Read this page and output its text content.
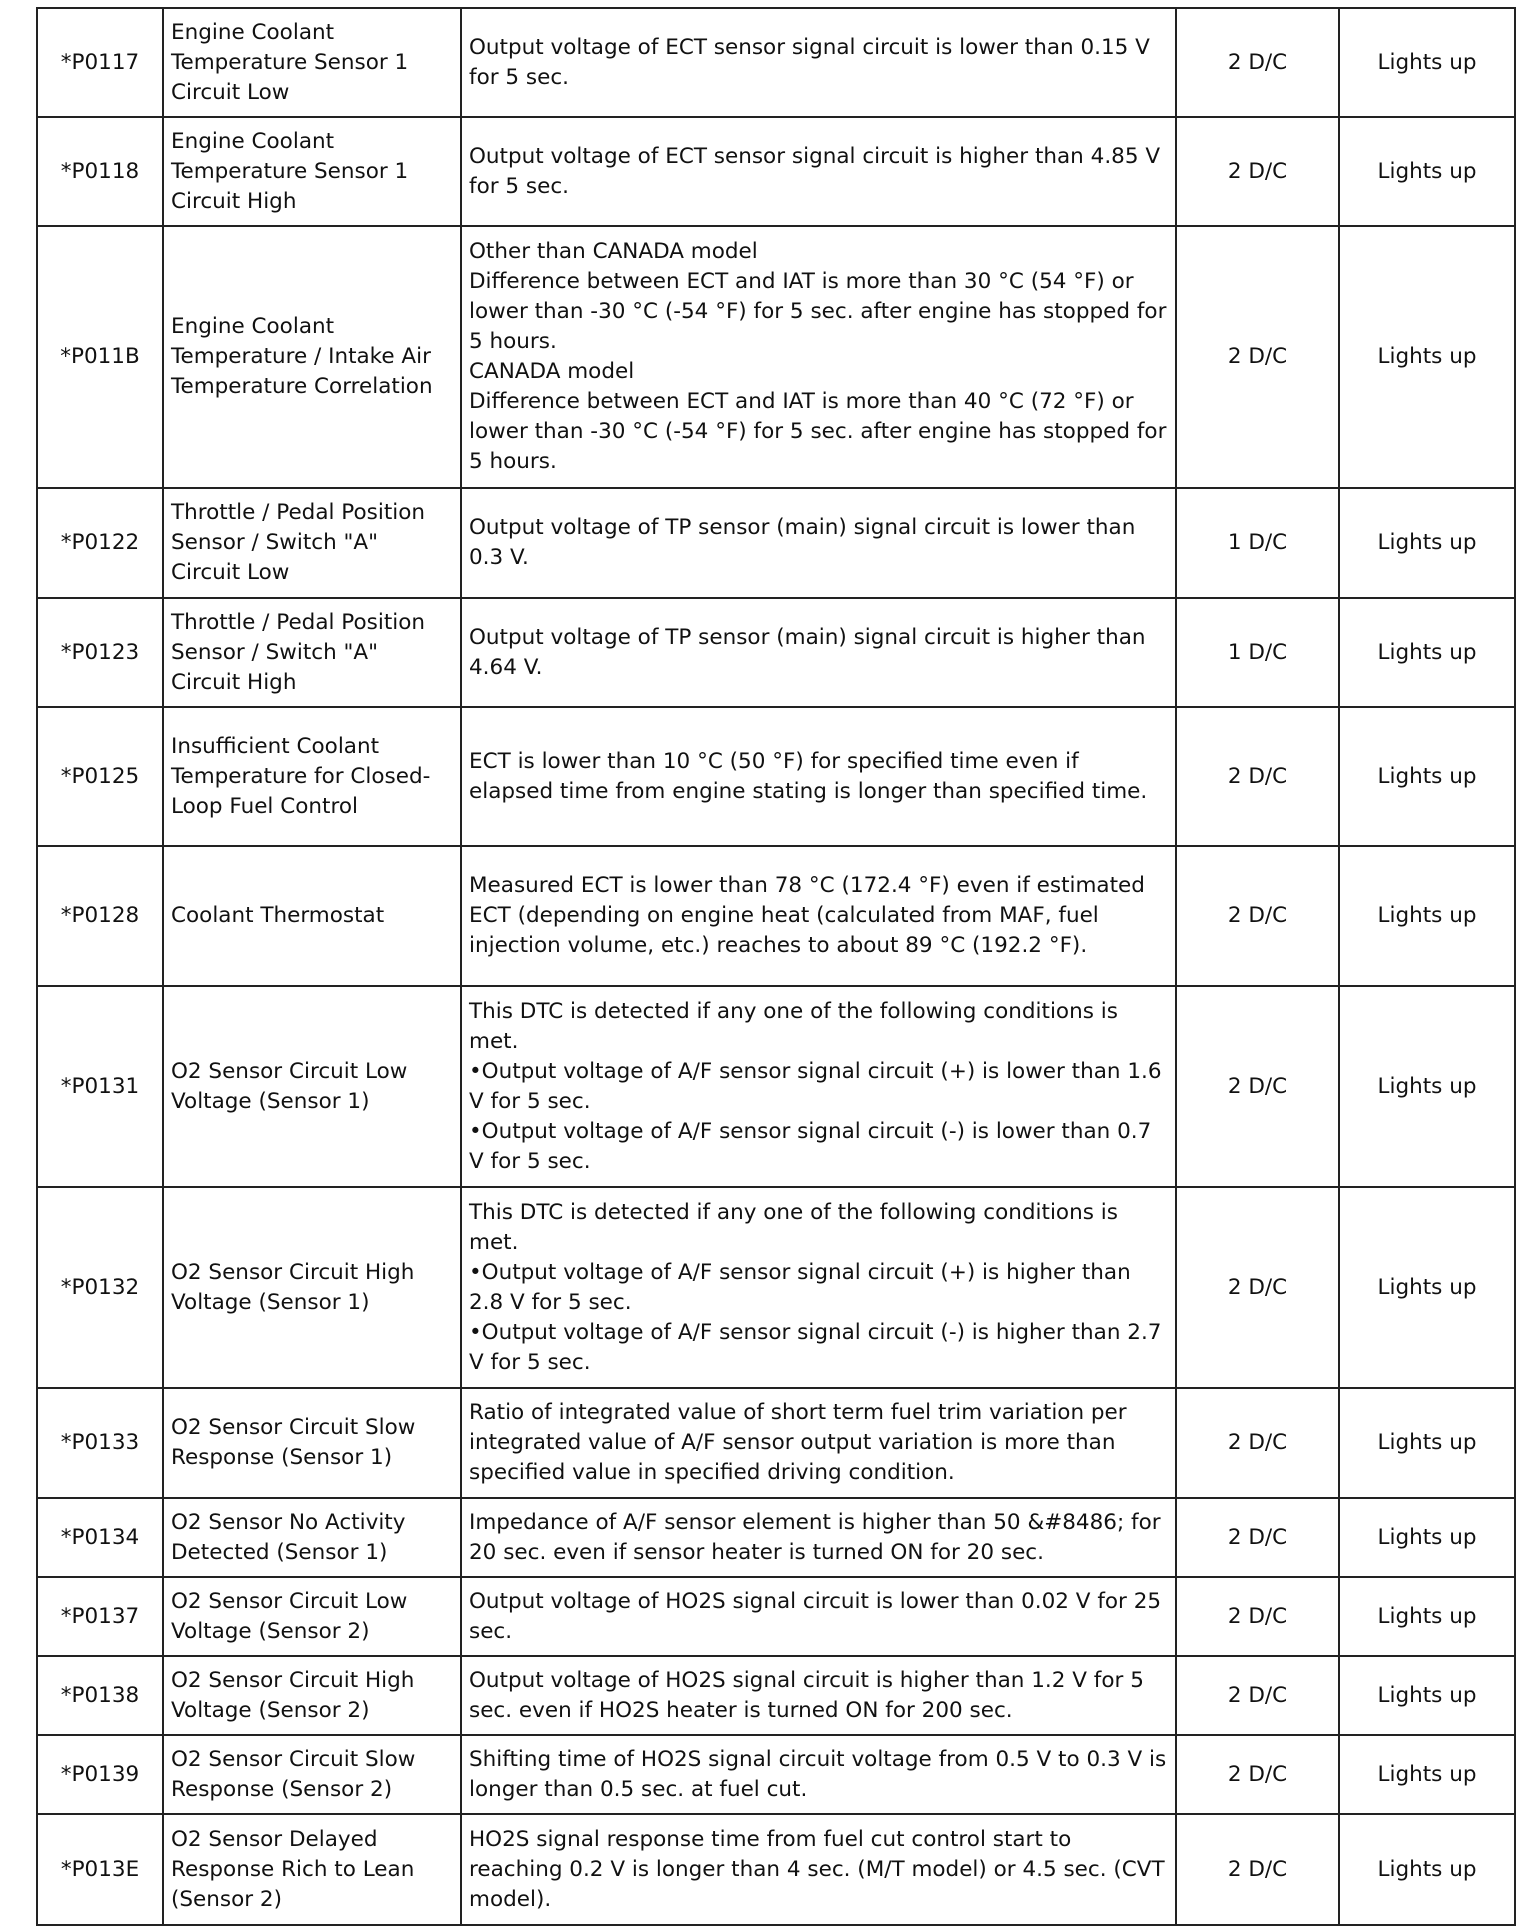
*P0117	Engine Coolant Temperature Sensor 1 Circuit Low	Output voltage of ECT sensor signal circuit is lower than 0.15 V for 5 sec.	2 D/C	Lights up
*P0118	Engine Coolant Temperature Sensor 1 Circuit High	Output voltage of ECT sensor signal circuit is higher than 4.85 V for 5 sec.	2 D/C	Lights up
*P011B	Engine Coolant Temperature / Intake Air Temperature Correlation	Other than CANADA model
Difference between ECT and IAT is more than 30 °C (54 °F) or lower than -30 °C (-54 °F) for 5 sec. after engine has stopped for 5 hours.
CANADA model
Difference between ECT and IAT is more than 40 °C (72 °F) or lower than -30 °C (-54 °F) for 5 sec. after engine has stopped for 5 hours.	2 D/C	Lights up
*P0122	Throttle / Pedal Position Sensor / Switch "A" Circuit Low	Output voltage of TP sensor (main) signal circuit is lower than 0.3 V.	1 D/C	Lights up
*P0123	Throttle / Pedal Position Sensor / Switch "A" Circuit High	Output voltage of TP sensor (main) signal circuit is higher than 4.64 V.	1 D/C	Lights up
*P0125	Insufficient Coolant Temperature for Closed-Loop Fuel Control	ECT is lower than 10 °C (50 °F) for specified time even if elapsed time from engine stating is longer than specified time.	2 D/C	Lights up
*P0128	Coolant Thermostat	Measured ECT is lower than 78 °C (172.4 °F) even if estimated ECT (depending on engine heat (calculated from MAF, fuel injection volume, etc.) reaches to about 89 °C (192.2 °F).	2 D/C	Lights up
*P0131	O2 Sensor Circuit Low Voltage (Sensor 1)	This DTC is detected if any one of the following conditions is met.
•Output voltage of A/F sensor signal circuit (+) is lower than 1.6 V for 5 sec.
•Output voltage of A/F sensor signal circuit (-) is lower than 0.7 V for 5 sec.	2 D/C	Lights up
*P0132	O2 Sensor Circuit High Voltage (Sensor 1)	This DTC is detected if any one of the following conditions is met.
•Output voltage of A/F sensor signal circuit (+) is higher than 2.8 V for 5 sec.
•Output voltage of A/F sensor signal circuit (-) is higher than 2.7 V for 5 sec.	2 D/C	Lights up
*P0133	O2 Sensor Circuit Slow Response (Sensor 1)	Ratio of integrated value of short term fuel trim variation per integrated value of A/F sensor output variation is more than specified value in specified driving condition.	2 D/C	Lights up
*P0134	O2 Sensor No Activity Detected (Sensor 1)	Impedance of A/F sensor element is higher than 50 &#8486; for 20 sec. even if sensor heater is turned ON for 20 sec.	2 D/C	Lights up
*P0137	O2 Sensor Circuit Low Voltage (Sensor 2)	Output voltage of HO2S signal circuit is lower than 0.02 V for 25 sec.	2 D/C	Lights up
*P0138	O2 Sensor Circuit High Voltage (Sensor 2)	Output voltage of HO2S signal circuit is higher than 1.2 V for 5 sec. even if HO2S heater is turned ON for 200 sec.	2 D/C	Lights up
*P0139	O2 Sensor Circuit Slow Response (Sensor 2)	Shifting time of HO2S signal circuit voltage from 0.5 V to 0.3 V is longer than 0.5 sec. at fuel cut.	2 D/C	Lights up
*P013E	O2 Sensor Delayed Response Rich to Lean (Sensor 2)	HO2S signal response time from fuel cut control start to reaching 0.2 V is longer than 4 sec. (M/T model) or 4.5 sec. (CVT model).	2 D/C	Lights up
